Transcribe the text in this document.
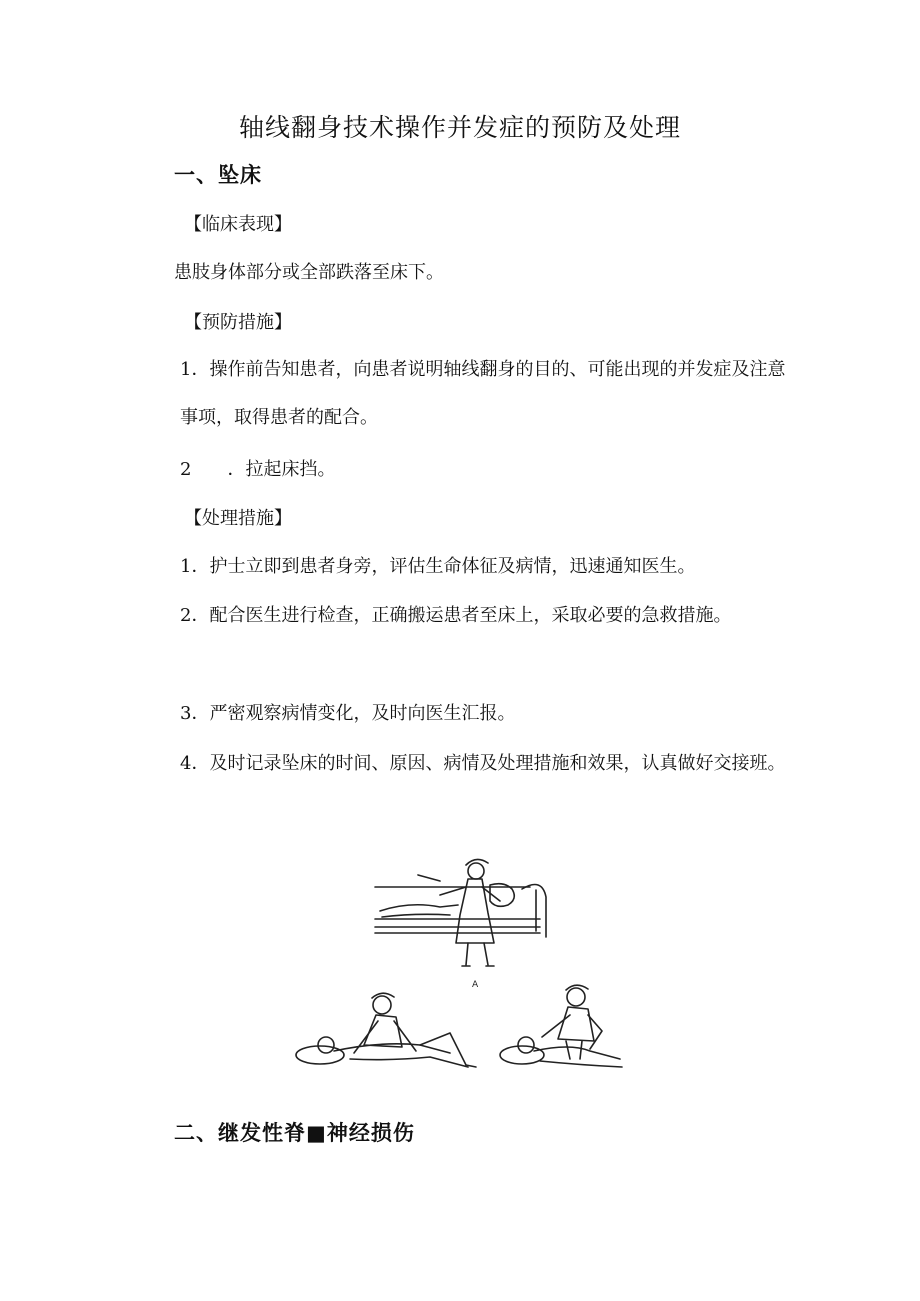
轴线翻身技术操作并发症的预防及处理
一、坠床
【临床表现】

患肢身体部分或全部跌落至床下。

【预防措施】

1．操作前告知患者，向患者说明轴线翻身的目的、可能出现的并发症及注意事项，取得患者的配合。

2　　．拉起床挡。

【处理措施】

1．护士立即到患者身旁，评估生命体征及病情，迅速通知医生。

2．配合医生进行检查，正确搬运患者至床上，采取必要的急救措施。

3．严密观察病情变化，及时向医生汇报。

4．及时记录坠床的时间、原因、病情及处理措施和效果，认真做好交接班。

A
二、继发性脊■神经损伤
